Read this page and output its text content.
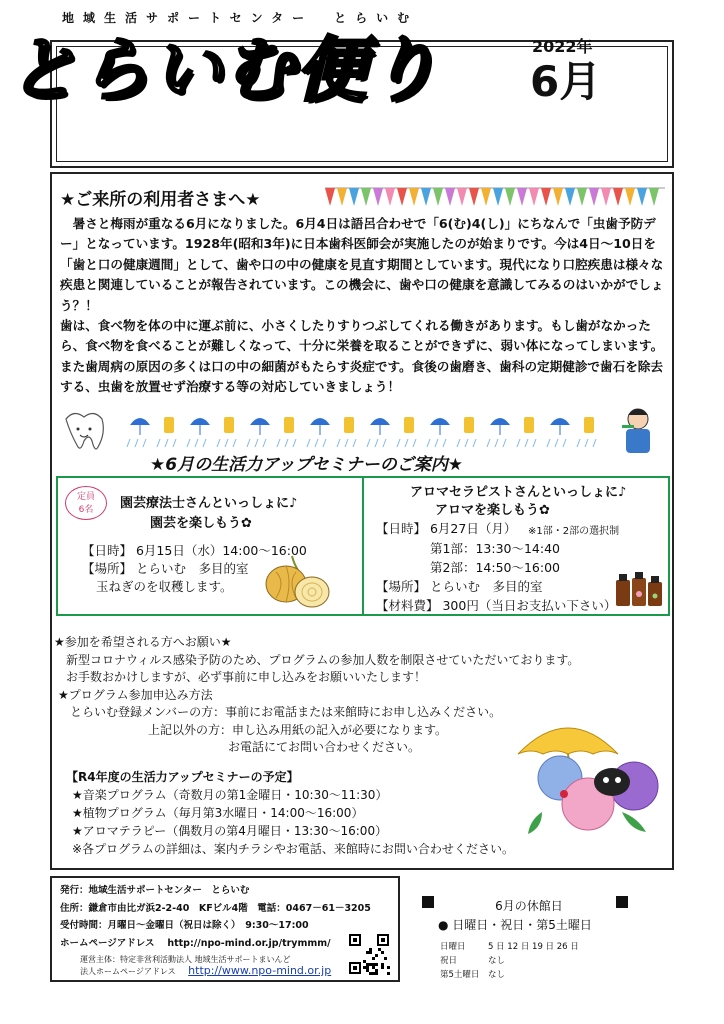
地域生活サポートセンター　とらいむ
とらいむ便り	2022年
6月
★ご来所の利用者さまへ★

　暑さと梅雨が重なる6月になりました。6月4日は語呂合わせで「6(む)4(し)」にちなんで「虫歯予防デー」となっています。1928年(昭和3年)に日本歯科医師会が実施したのが始まりです。今は4日～10日を「歯と口の健康週間」として、歯や口の中の健康を見直す期間としています。現代になり口腔疾患は様々な疾患と関連していることが報告されています。この機会に、歯や口の健康を意識してみるのはいかがでしょう？！

歯は、食べ物を体の中に運ぶ前に、小さくしたりすりつぶしてくれる働きがあります。もし歯がなかったら、食べ物を食べることが難しくなって、十分に栄養を取ることができずに、弱い体になってしまいます。また歯周病の原因の多くは口の中の細菌がもたらす炎症です。食後の歯磨き、歯科の定期健診で歯石を除去する、虫歯を放置せず治療する等の対応していきましょう！

★6月の生活力アップセミナーのご案内★
定員
6名	園芸療法士さんといっしょに♪
園芸を楽しもう✿
【日時】 6月15日（水）14:00～16:00
【場所】 とらいむ　多目的室
玉ねぎのを収穫します。
アロマセラピストさんといっしょに♪
アロマを楽しもう✿
【日時】 6月27日（月） ※1部・2部の選択制
第1部：13:30～14:40
第2部：14:50～16:00
【場所】 とらいむ　多目的室
【材料費】 300円（当日お支払い下さい）
★参加を希望される方へお願い★
新型コロナウィルス感染予防のため、プログラムの参加人数を制限させていただいております。
お手数おかけしますが、必ず事前に申し込みをお願いいたします！
★プログラム参加申込み方法
とらいむ登録メンバーの方：事前にお電話または来館時にお申し込みください。
上記以外の方：申し込み用紙の記入が必要になります。
お電話にてお問い合わせください。
【R4年度の生活力アップセミナーの予定】
★音楽プログラム（奇数月の第1金曜日・10:30～11:30）
★植物プログラム（毎月第3水曜日・14:00～16:00）
★アロマテラピー（偶数月の第4月曜日・13:30～16:00）
※各プログラムの詳細は、案内チラシやお電話、来館時にお問い合わせください。
発行：地域生活サポートセンター　とらいむ
住所：鎌倉市由比ガ浜2-2-40　KFビル4階　電話：0467－61－3205
受付時間：月曜日～金曜日（祝日は除く）　9:30～17:00
ホームページアドレス　 http://npo-mind.or.jp/trymmm/
運営主体：特定非営利活動法人 地域生活サポートまいんど
法人ホームページアドレス http://www.npo-mind.or.jp
6月の休館日
● 日曜日・祝日・第5土曜日
日曜日	5 日 12 日 19 日 26 日
祝日	なし
第5土曜日 なし
